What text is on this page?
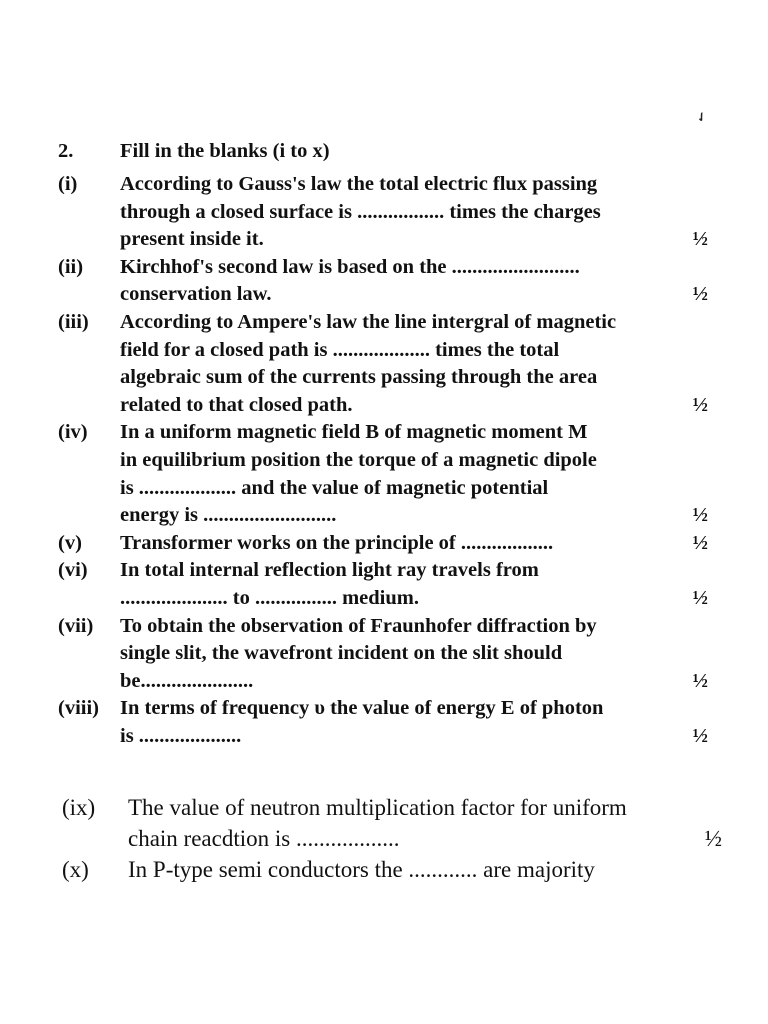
✓
2.	Fill in the blanks (i to x)
(i)	According to Gauss's law the total electric flux passing
through a closed surface is ................. times the charges
present inside it.	½
(ii)	Kirchhof's second law is based on the .........................
conservation law.	½
(iii)	According to Ampere's law the line intergral of magnetic
field for a closed path is ................... times the total
algebraic sum of the currents passing through the area
related to that closed path.	½
(iv)	In a uniform magnetic field B of magnetic moment M
in equilibrium position the torque of a magnetic dipole
is ................... and the value of magnetic potential
energy is ..........................	½
(v)	Transformer works on the principle of ..................	½
(vi)	In total internal reflection light ray travels from
..................... to ................ medium.	½
(vii)	To obtain the observation of Fraunhofer diffraction by
single slit, the wavefront incident on the slit should
be......................	½
(viii)	In terms of frequency υ the value of energy E of photon
is ....................	½
(ix)	The value of neutron multiplication factor for uniform
chain reacdtion is ..................	½
(x)	In P-type semi conductors the ............ are majority
